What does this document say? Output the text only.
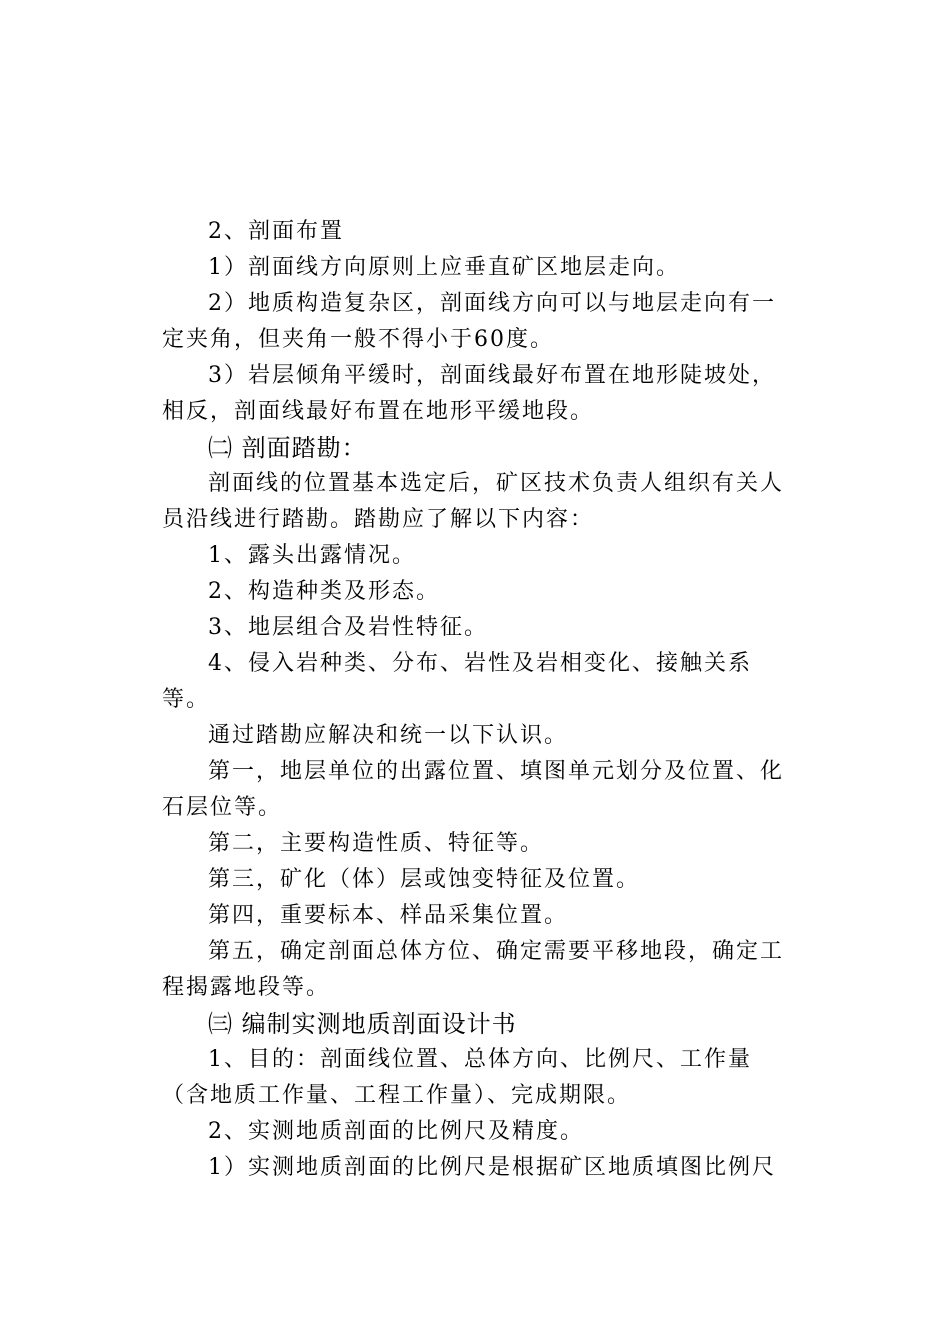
2、剖面布置

1）剖面线方向原则上应垂直矿区地层走向。

2）地质构造复杂区，剖面线方向可以与地层走向有一定夹角，但夹角一般不得小于60度。

3）岩层倾角平缓时，剖面线最好布置在地形陡坡处，相反，剖面线最好布置在地形平缓地段。

㈡ 剖面踏勘：

剖面线的位置基本选定后，矿区技术负责人组织有关人员沿线进行踏勘。踏勘应了解以下内容：

1、露头出露情况。

2、构造种类及形态。

3、地层组合及岩性特征。

4、侵入岩种类、分布、岩性及岩相变化、接触关系等。

通过踏勘应解决和统一以下认识。

第一，地层单位的出露位置、填图单元划分及位置、化石层位等。

第二，主要构造性质、特征等。

第三，矿化（体）层或蚀变特征及位置。

第四，重要标本、样品采集位置。

第五，确定剖面总体方位、确定需要平移地段，确定工程揭露地段等。

㈢ 编制实测地质剖面设计书

1、目的：剖面线位置、总体方向、比例尺、工作量（含地质工作量、工程工作量）、完成期限。

2、实测地质剖面的比例尺及精度。

1）实测地质剖面的比例尺是根据矿区地质填图比例尺
